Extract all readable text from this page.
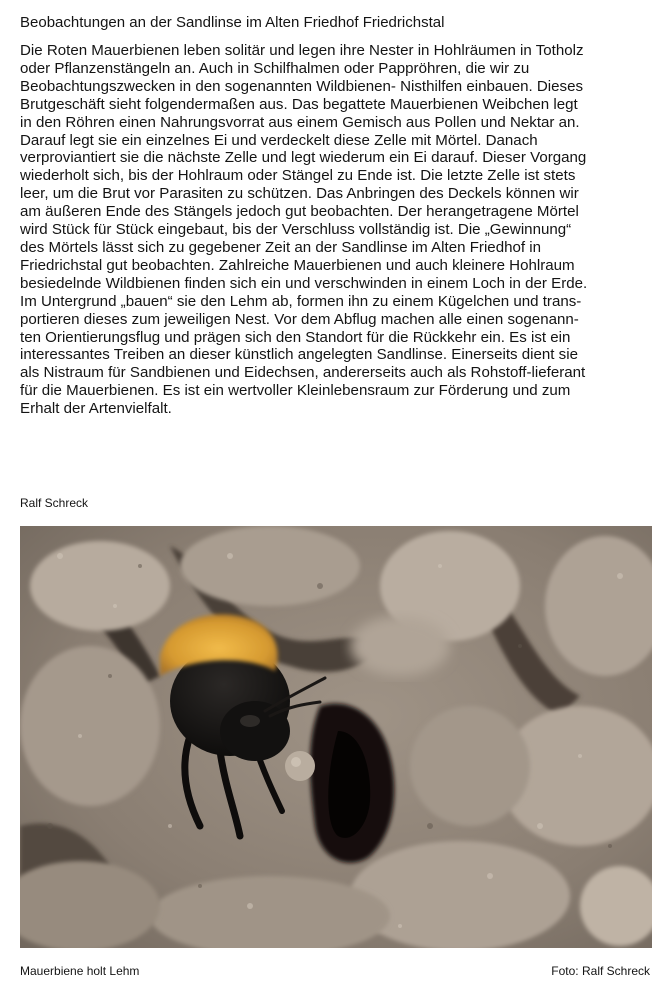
Beobachtungen an der Sandlinse im Alten Friedhof Friedrichstal
Die Roten Mauerbienen leben solitär und legen ihre Nester in Hohlräumen in Totholz
oder Pflanzenstängeln an. Auch in Schilfhalmen oder Pappröhren, die wir zu
Beobachtungszwecken in den sogenannten Wildbienen- Nisthilfen einbauen. Dieses
Brutgeschäft sieht folgendermaßen aus. Das begattete Mauerbienen Weibchen legt
in den Röhren einen Nahrungsvorrat aus einem Gemisch aus Pollen und Nektar an.
Darauf legt sie ein einzelnes Ei und verdeckelt diese Zelle mit Mörtel. Danach
verproviantiert sie die nächste Zelle und legt wiederum ein Ei darauf. Dieser Vorgang
wiederholt sich, bis der Hohlraum oder Stängel zu Ende ist. Die letzte Zelle ist stets
leer, um die Brut vor Parasiten zu schützen. Das Anbringen des Deckels können wir
am äußeren Ende des Stängels jedoch gut beobachten. Der herangetragene Mörtel
wird Stück für Stück eingebaut, bis der Verschluss vollständig ist. Die „Gewinnung“
des Mörtels lässt sich zu gegebener Zeit an der Sandlinse im Alten Friedhof in
Friedrichstal gut beobachten. Zahlreiche Mauerbienen und auch kleinere Hohlraum
besiedelnde Wildbienen finden sich ein und verschwinden in einem Loch in der Erde.
Im Untergrund „bauen“ sie den Lehm ab, formen ihn zu einem Kügelchen und trans-
portieren dieses zum jeweiligen Nest. Vor dem Abflug machen alle einen sogenann-
ten Orientierungsflug und prägen sich den Standort für die Rückkehr ein. Es ist ein
interessantes Treiben an dieser künstlich angelegten Sandlinse. Einerseits dient sie
als Nistraum für Sandbienen und Eidechsen, andererseits auch als Rohstoff-lieferant
für die Mauerbienen. Es ist ein wertvoller Kleinlebensraum zur Förderung und zum
Erhalt der Artenvielfalt.
Ralf Schreck
Mauerbiene holt Lehm	Foto: Ralf Schreck
